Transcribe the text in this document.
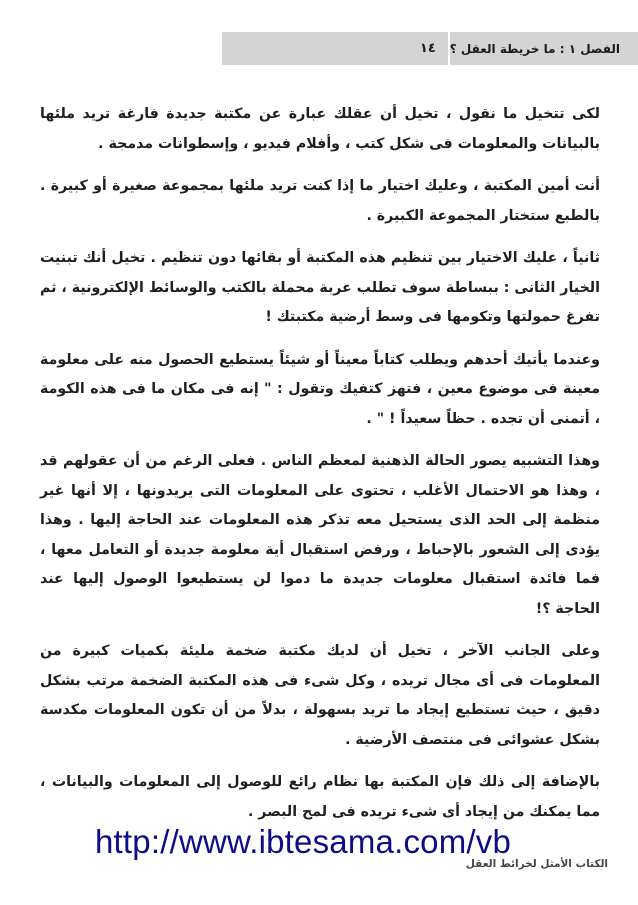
١٤ الفصل ١ : ما خريطة العقل ؟

لكى تتخيل ما نقول ، تخيل أن عقلك عبارة عن مكتبة جديدة فارغة تريد ملئها بالبيانات والمعلومات فى شكل كتب ، وأفلام فيديو ، وإسطوانات مدمجة .

أنت أمين المكتبة ، وعليك اختيار ما إذا كنت تريد ملئها بمجموعة صغيرة أو كبيرة . بالطبع ستختار المجموعة الكبيرة .

ثانياً ، عليك الاختيار بين تنظيم هذه المكتبة أو بقائها دون تنظيم . تخيل أنك تبنيت الخيار الثانى : ببساطة سوف تطلب عربة محملة بالكتب والوسائط الإلكترونية ، ثم تفرغ حمولتها وتكومها فى وسط أرضية مكتبتك !

وعندما يأتيك أحدهم ويطلب كتاباً معيناً أو شيئاً يستطيع الحصول منه على معلومة معينة فى موضوع معين ، فتهز كتفيك وتقول : " إنه فى مكان ما فى هذه الكومة ، أتمنى أن تجده . حظاً سعيداً ! " .

وهذا التشبيه يصور الحالة الذهنية لمعظم الناس . فعلى الرغم من أن عقولهم قد ، وهذا هو الاحتمال الأغلب ، تحتوى على المعلومات التى يريدونها ، إلا أنها غير منظمة إلى الحد الذى يستحيل معه تذكر هذه المعلومات عند الحاجة إليها . وهذا يؤدى إلى الشعور بالإحباط ، ورفض استقبال أية معلومة جديدة أو التعامل معها ، فما فائدة استقبال معلومات جديدة ما دموا لن يستطيعوا الوصول إليها عند الحاجة ؟!

وعلى الجانب الآخر ، تخيل أن لديك مكتبة ضخمة مليئة بكميات كبيرة من المعلومات فى أى مجال تريده ، وكل شىء فى هذه المكتبة الضخمة مرتب بشكل دقيق ، حيث تستطيع إيجاد ما تريد بسهولة ، بدلاً من أن تكون المعلومات مكدسة بشكل عشوائى فى منتصف الأرضية .

بالإضافة إلى ذلك فإن المكتبة بها نظام رائع للوصول إلى المعلومات والبيانات ، مما يمكنك من إيجاد أى شىء تريده فى لمح البصر .

http://www.ibtesama.com/vb
الكتاب الأمثل لخرائط العقل
